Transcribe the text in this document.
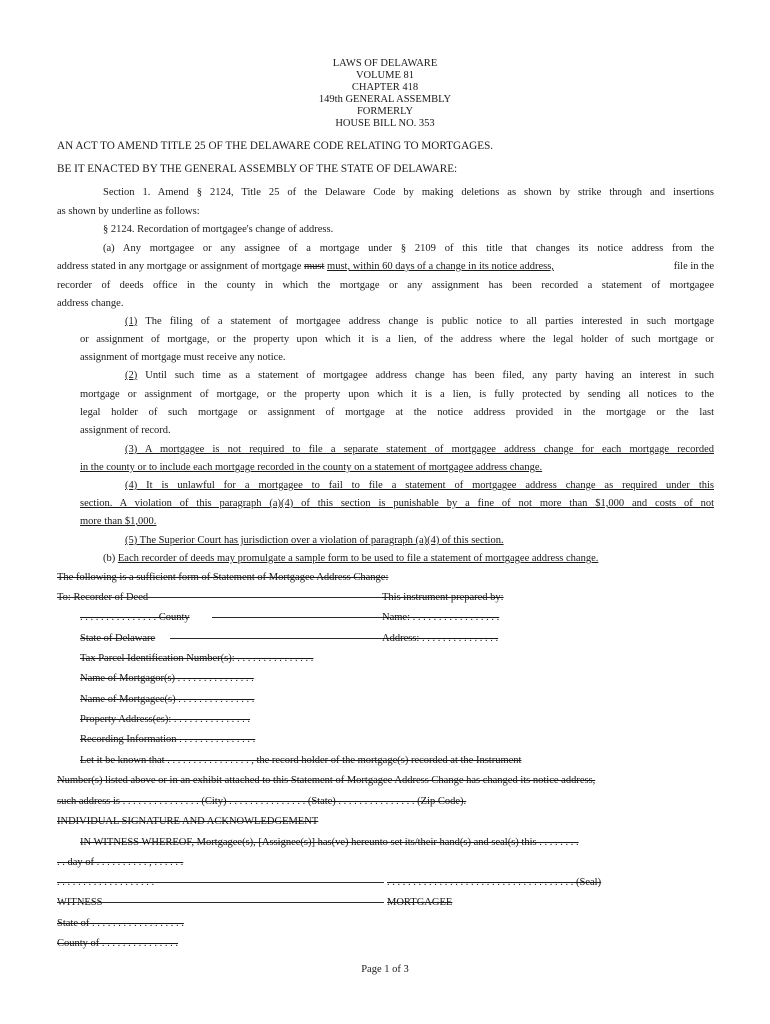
LAWS OF DELAWARE
VOLUME 81
CHAPTER 418
149th GENERAL ASSEMBLY
FORMERLY
HOUSE BILL NO. 353
AN ACT TO AMEND TITLE 25 OF THE DELAWARE CODE RELATING TO MORTGAGES.
BE IT ENACTED BY THE GENERAL ASSEMBLY OF THE STATE OF DELAWARE:
Section 1. Amend § 2124, Title 25 of the Delaware Code by making deletions as shown by strike through and insertions
as shown by underline as follows:
§ 2124. Recordation of mortgagee's change of address.
(a) Any mortgagee or any assignee of a mortgage under § 2109 of this title that changes its notice address from the
address stated in any mortgage or assignment of mortgage must must, within 60 days of a change in its notice address,	file in the
recorder of deeds office in the county in which the mortgage or any assignment has been recorded a statement of mortgagee
address change.
(1) The filing of a statement of mortgagee address change is public notice to all parties interested in such mortgage
or assignment of mortgage, or the property upon which it is a lien, of the address where the legal holder of such mortgage or
assignment of mortgage must receive any notice.
(2) Until such time as a statement of mortgagee address change has been filed, any party having an interest in such
mortgage or assignment of mortgage, or the property upon which it is a lien, is fully protected by sending all notices to the
legal holder of such mortgage or assignment of mortgage at the notice address provided in the mortgage or the last
assignment of record.
(3) A mortgagee is not required to file a separate statement of mortgagee address change for each mortgage recorded
in the county or to include each mortgage recorded in the county on a statement of mortgagee address change.
(4) It is unlawful for a mortgagee to fail to file a statement of mortgagee address change as required under this
section. A violation of this paragraph (a)(4) of this section is punishable by a fine of not more than $1,000 and costs of not
more than $1,000.
(5) The Superior Court has jurisdiction over a violation of paragraph (a)(4) of this section.
(b) Each recorder of deeds may promulgate a sample form to be used to file a statement of mortgagee address change.
The following is a sufficient form of Statement of Mortgagee Address Change:
To: Recorder of Deed	This instrument prepared by:
. . . . . . . . . . . . . . . County	Name: . . . . . . . . . . . . . . . . .
State of Delaware	Address: . . . . . . . . . . . . . . .
Tax Parcel Identification Number(s): . . . . . . . . . . . . . . .
Name of Mortgagor(s) . . . . . . . . . . . . . . .
Name of Mortgagee(s) . . . . . . . . . . . . . . .
Property Address(es): . . . . . . . . . . . . . . .
Recording Information . . . . . . . . . . . . . . .
Let it be known that . . . . . . . . . . . . . . . . , the record holder of the mortgage(s) recorded at the Instrument
Number(s) listed above or in an exhibit attached to this Statement of Mortgagee Address Change has changed its notice address,
such address is . . . . . . . . . . . . . . . (City) . . . . . . . . . . . . . . . (State) . . . . . . . . . . . . . . . (Zip Code).
INDIVIDUAL SIGNATURE AND ACKNOWLEDGEMENT
IN WITNESS WHEREOF, Mortgagee(s), [Assignee(s)] has(ve) hereunto set its/their hand(s) and seal(s) this . . . . . . . .
. . day of . . . . . . . . . . , . . . . . .
. . . . . . . . . . . . . . . . . . .	. . . . . . . . . . . . . . . . . . . . . . . . . . . . . . . . . . . . (Seal)
WITNESS	MORTGAGEE
State of . . . . . . . . . . . . . . . . . .
County of . . . . . . . . . . . . . . .
Page 1 of 3
